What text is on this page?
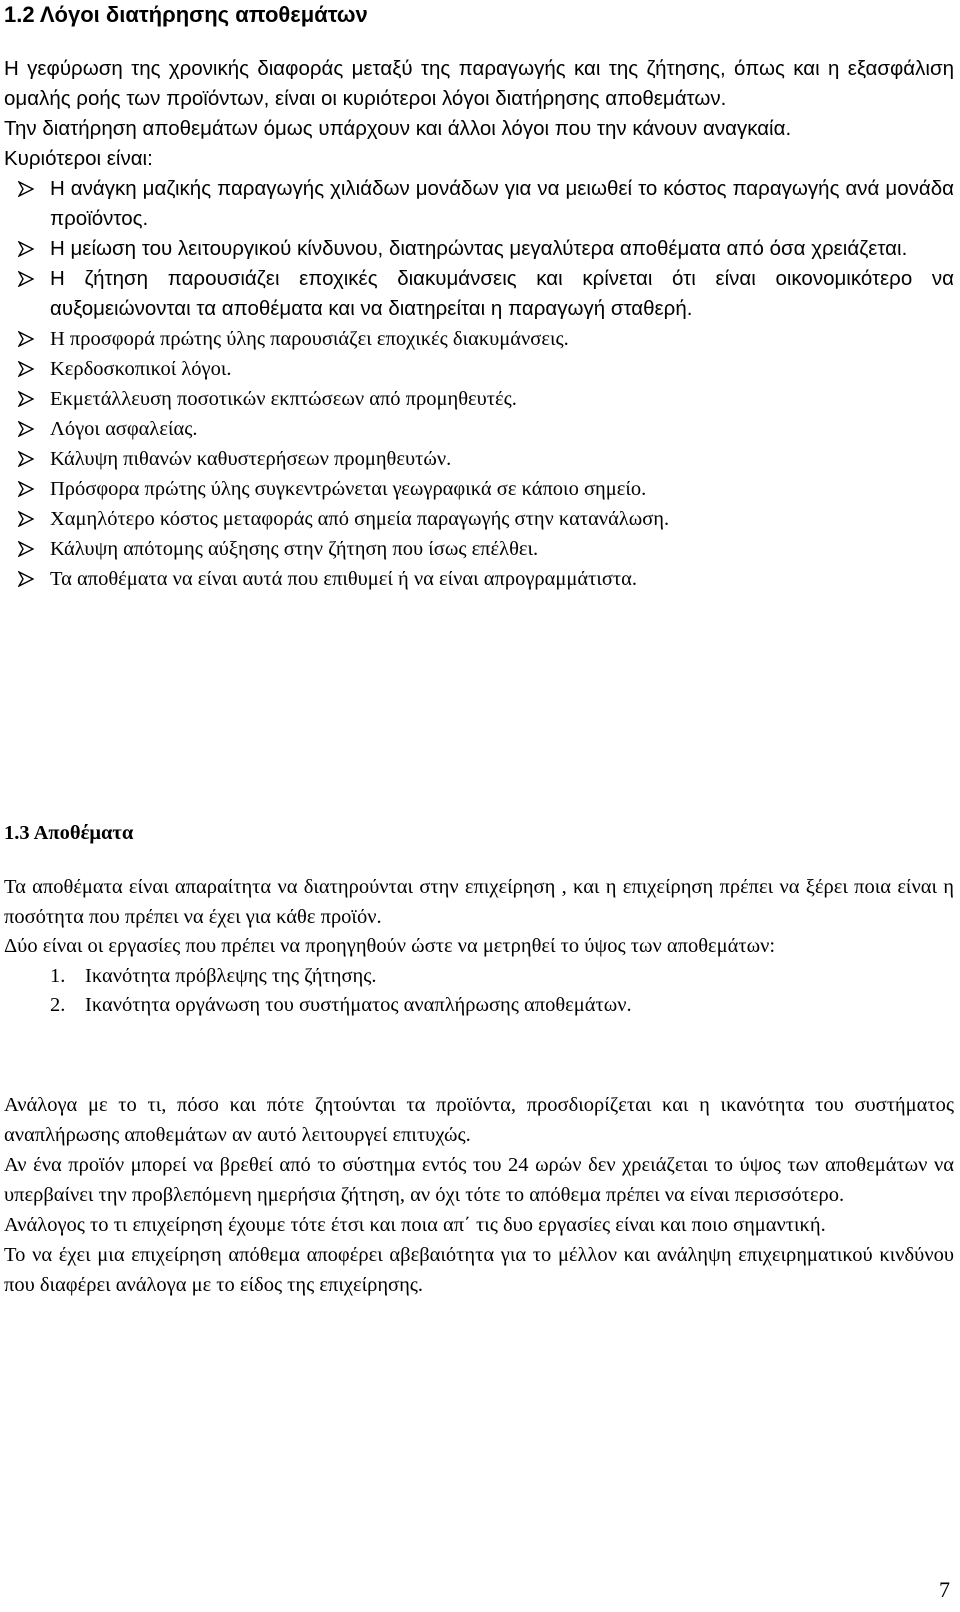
1.2 Λόγοι διατήρησης αποθεμάτων

Η γεφύρωση της χρονικής διαφοράς μεταξύ της παραγωγής και της ζήτησης, όπως και η εξασφάλιση ομαλής ροής των προϊόντων, είναι οι κυριότεροι λόγοι διατήρησης αποθεμάτων.

Την διατήρηση αποθεμάτων όμως υπάρχουν και άλλοι λόγοι που την κάνουν αναγκαία.

Κυριότεροι είναι:

Η ανάγκη μαζικής παραγωγής χιλιάδων μονάδων για να μειωθεί το κόστος παραγωγής ανά μονάδα προϊόντος.
Η μείωση του λειτουργικού κίνδυνου, διατηρώντας μεγαλύτερα αποθέματα από όσα χρειάζεται.
Η ζήτηση παρουσιάζει εποχικές διακυμάνσεις και κρίνεται ότι είναι οικονομικότερο να αυξομειώνονται τα αποθέματα και να διατηρείται η παραγωγή σταθερή.
Η προσφορά πρώτης ύλης παρουσιάζει εποχικές διακυμάνσεις.
Κερδοσκοπικοί λόγοι.
Εκμετάλλευση ποσοτικών εκπτώσεων από προμηθευτές.
Λόγοι ασφαλείας.
Κάλυψη πιθανών καθυστερήσεων προμηθευτών.
Πρόσφορα πρώτης ύλης συγκεντρώνεται γεωγραφικά σε κάποιο σημείο.
Χαμηλότερο κόστος μεταφοράς από σημεία παραγωγής στην κατανάλωση.
Κάλυψη απότομης αύξησης στην ζήτηση που ίσως επέλθει.
Τα αποθέματα να είναι αυτά που επιθυμεί ή να είναι απρογραμμάτιστα.
1.3 Αποθέματα

Τα αποθέματα είναι απαραίτητα να διατηρούνται στην επιχείρηση , και η επιχείρηση πρέπει να ξέρει ποια είναι η ποσότητα που πρέπει να έχει για κάθε προϊόν.

Δύο είναι οι εργασίες που πρέπει να προηγηθούν ώστε να μετρηθεί το ύψος των αποθεμάτων:

1. Ικανότητα πρόβλεψης της ζήτησης.
2. Ικανότητα οργάνωση του συστήματος αναπλήρωσης αποθεμάτων.

Ανάλογα με το τι, πόσο και πότε ζητούνται τα προϊόντα, προσδιορίζεται και η ικανότητα του συστήματος αναπλήρωσης αποθεμάτων αν αυτό λειτουργεί επιτυχώς.

Αν ένα προϊόν μπορεί να βρεθεί από το σύστημα εντός του 24 ωρών δεν χρειάζεται το ύψος των αποθεμάτων να υπερβαίνει την προβλεπόμενη ημερήσια ζήτηση, αν όχι τότε το απόθεμα πρέπει να είναι περισσότερο.

Ανάλογος το τι επιχείρηση έχουμε τότε έτσι και ποια απ΄ τις δυο εργασίες είναι και ποιο σημαντική.

Το να έχει μια επιχείρηση απόθεμα αποφέρει αβεβαιότητα για το μέλλον και ανάληψη επιχειρηματικού κινδύνου που διαφέρει ανάλογα με το είδος της επιχείρησης.

7
